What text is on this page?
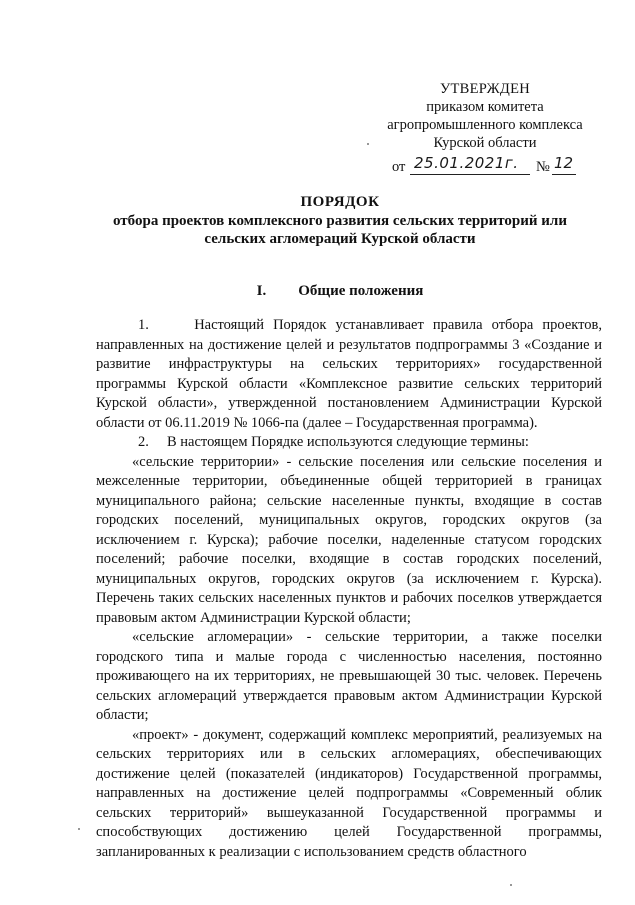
УТВЕРЖДЕН
приказом комитета
агропромышленного комплекса
Курской области
от 25.01.2021г. № 12
ПОРЯДОК
отбора проектов комплексного развития сельских территорий или
сельских агломераций Курской области
I. Общие положения

1.     Настоящий Порядок устанавливает правила отбора проектов, направленных на достижение целей и результатов подпрограммы 3 «Создание и развитие инфраструктуры на сельских территориях» государственной программы Курской области «Комплексное развитие сельских территорий Курской области», утвержденной постановлением Администрации Курской области от 06.11.2019 № 1066-па (далее – Государственная программа).

2.     В настоящем Порядке используются следующие термины:

«сельские территории» - сельские поселения или сельские поселения и межселенные территории, объединенные общей территорией в границах муниципального района; сельские населенные пункты, входящие в состав городских поселений, муниципальных округов, городских округов (за исключением г. Курска); рабочие поселки, наделенные статусом городских поселений; рабочие поселки, входящие в состав городских поселений, муниципальных округов, городских округов (за исключением г. Курска). Перечень таких сельских населенных пунктов и рабочих поселков утверждается правовым актом Администрации Курской области;

«сельские агломерации» - сельские территории, а также поселки городского типа и малые города с численностью населения, постоянно проживающего на их территориях, не превышающей 30 тыс. человек. Перечень сельских агломераций утверждается правовым актом Администрации Курской области;

«проект» - документ, содержащий комплекс мероприятий, реализуемых на сельских территориях или в сельских агломерациях, обеспечивающих достижение целей (показателей (индикаторов) Государственной программы, направленных на достижение целей подпрограммы «Современный облик сельских территорий» вышеуказанной Государственной программы и способствующих достижению целей Государственной программы, запланированных к реализации с использованием средств областного
